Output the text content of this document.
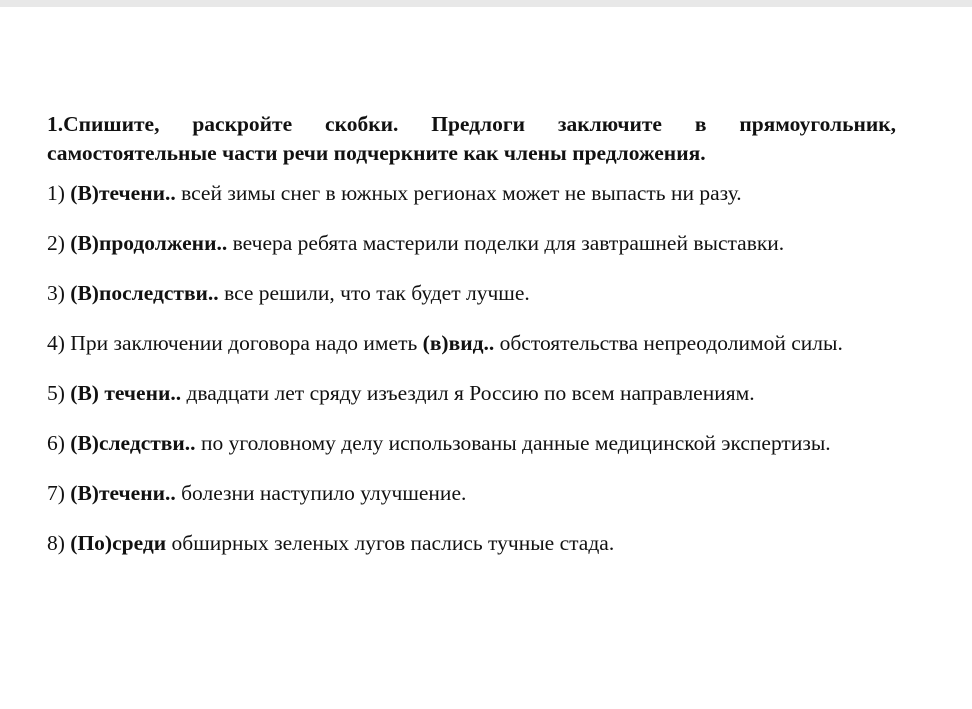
1.Спишите, раскройте скобки. Предлоги заключите в прямоугольник, самостоятельные части речи подчеркните как члены предложения.

1) (В)течени.. всей зимы снег в южных регионах может не выпасть ни разу.

2) (В)продолжени.. вечера ребята мастерили поделки для завтрашней выставки.

3) (В)последстви.. все решили, что так будет лучше.

4) При заключении договора надо иметь (в)вид.. обстоятельства непреодолимой силы.

5) (В) течени.. двадцати лет сряду изъездил я Россию по всем направлениям.

6) (В)следстви.. по уголовному делу использованы данные медицинской экспертизы.

7) (В)течени.. болезни наступило улучшение.

8) (По)среди обширных зеленых лугов паслись тучные стада.
